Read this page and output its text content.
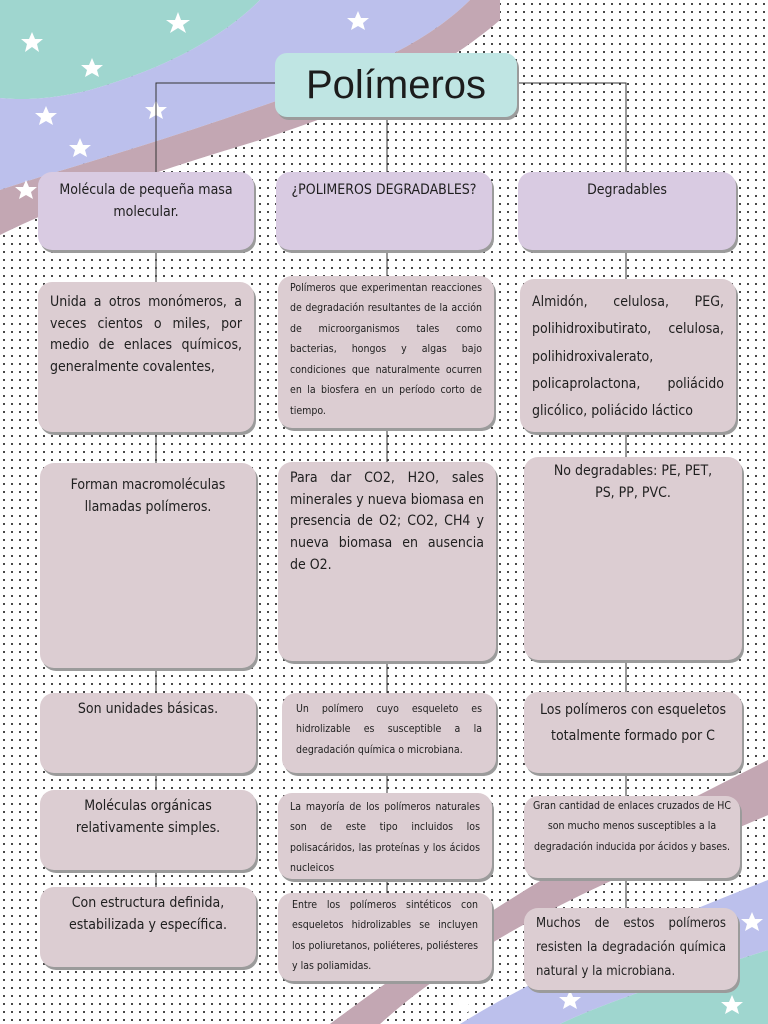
Polímeros
Molécula de pequeña masa molecular.
Unida a otros monómeros, a veces cientos o miles, por medio de enlaces químicos, generalmente covalentes,
Forman macromoléculas llamadas polímeros.
Son unidades básicas.
Moléculas orgánicas relativamente simples.
Con estructura definida, estabilizada y específica.
¿POLIMEROS DEGRADABLES?
Polímeros que experimentan reacciones de degradación resultantes de la acción de microorganismos tales como bacterias, hongos y algas bajo condiciones que naturalmente ocurren en la biosfera en un período corto de tiempo.
Para dar CO2, H2O, sales minerales y nueva biomasa en presencia de O2; CO2, CH4 y nueva biomasa en ausencia de O2.
Un polímero cuyo esqueleto es hidrolizable es susceptible a la degradación química o microbiana.
La mayoría de los polímeros naturales son de este tipo incluidos los polisacáridos, las proteínas y los ácidos nucleicos
Entre los polímeros sintéticos con esqueletos hidrolizables se incluyen los poliuretanos, poliéteres, poliésteres y las poliamidas.
Degradables
Almidón, celulosa, PEG, polihidroxibutirato, celulosa, polihidroxivalerato, policaprolactona, poliácido glicólico, poliácido láctico
No degradables: PE, PET, PS, PP, PVC.
Los polímeros con esqueletos totalmente formado por C
Gran cantidad de enlaces cruzados de HC son mucho menos susceptibles a la degradación inducida por ácidos y bases.
Muchos de estos polímeros resisten la degradación química natural y la microbiana.
